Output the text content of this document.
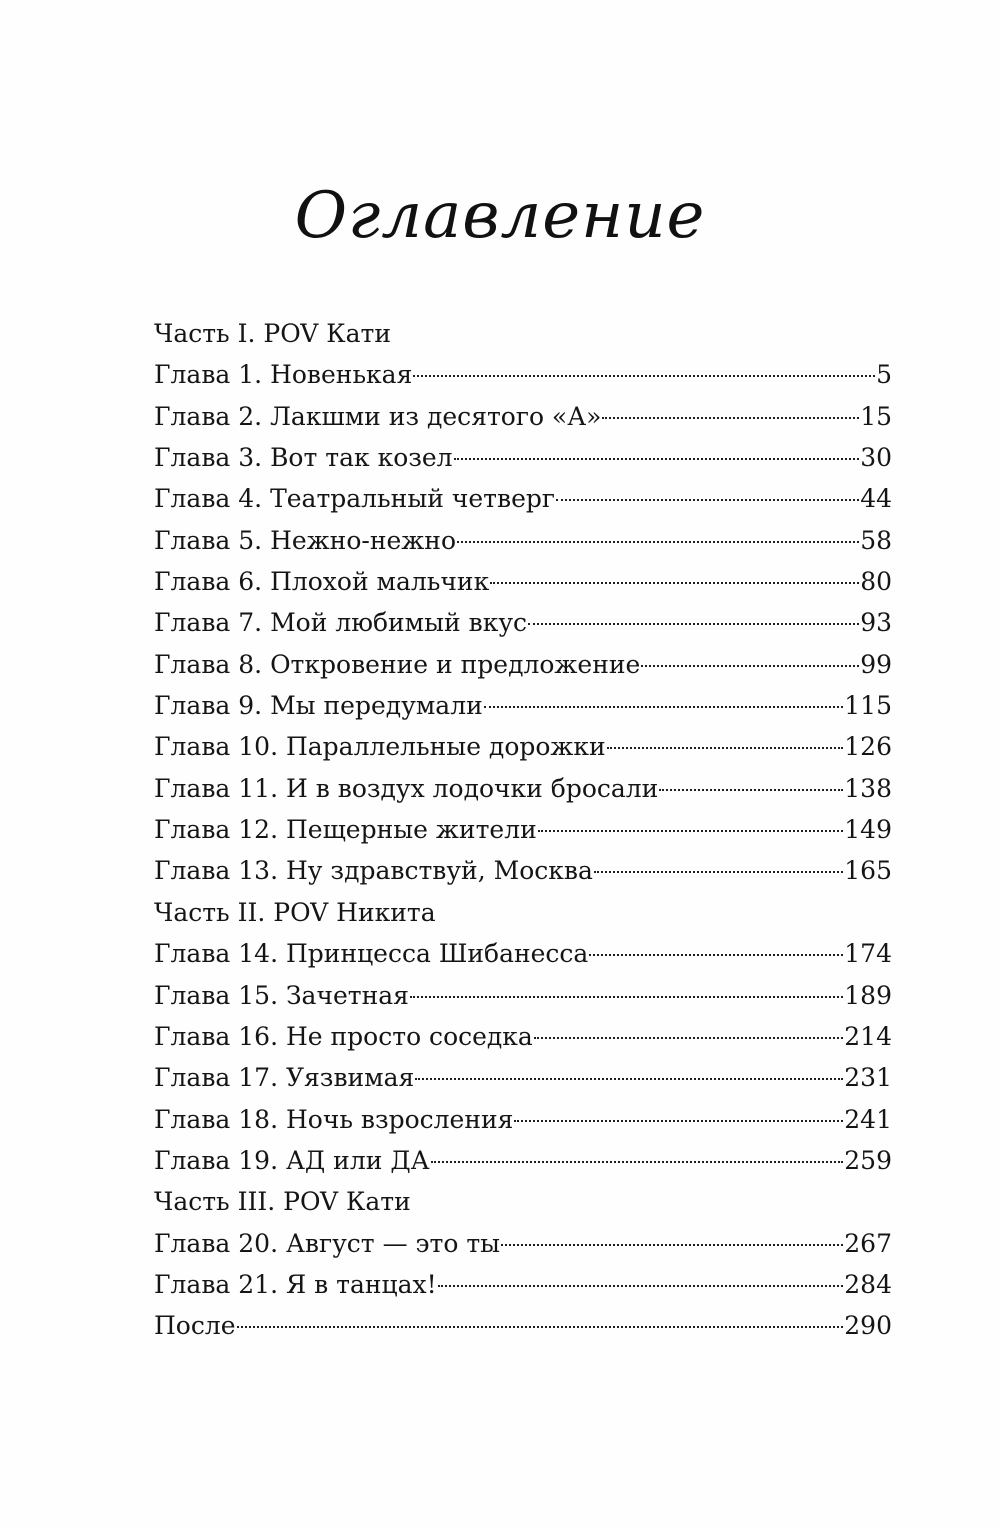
Оглавление
Часть I. POV Кати
Глава 1. Новенькая	5
Глава 2. Лакшми из десятого «А»	15
Глава 3. Вот так козел	30
Глава 4. Театральный четверг	44
Глава 5. Нежно-нежно	58
Глава 6. Плохой мальчик	80
Глава 7. Мой любимый вкус	93
Глава 8. Откровение и предложение	99
Глава 9. Мы передумали	115
Глава 10. Параллельные дорожки	126
Глава 11. И в воздух лодочки бросали	138
Глава 12. Пещерные жители	149
Глава 13. Ну здравствуй, Москва	165
Часть II. POV Никита
Глава 14. Принцесса Шибанесса	174
Глава 15. Зачетная	189
Глава 16. Не просто соседка	214
Глава 17. Уязвимая	231
Глава 18. Ночь взросления	241
Глава 19. АД или ДА	259
Часть III. POV Кати
Глава 20. Август — это ты	267
Глава 21. Я в танцах!	284
После	290
